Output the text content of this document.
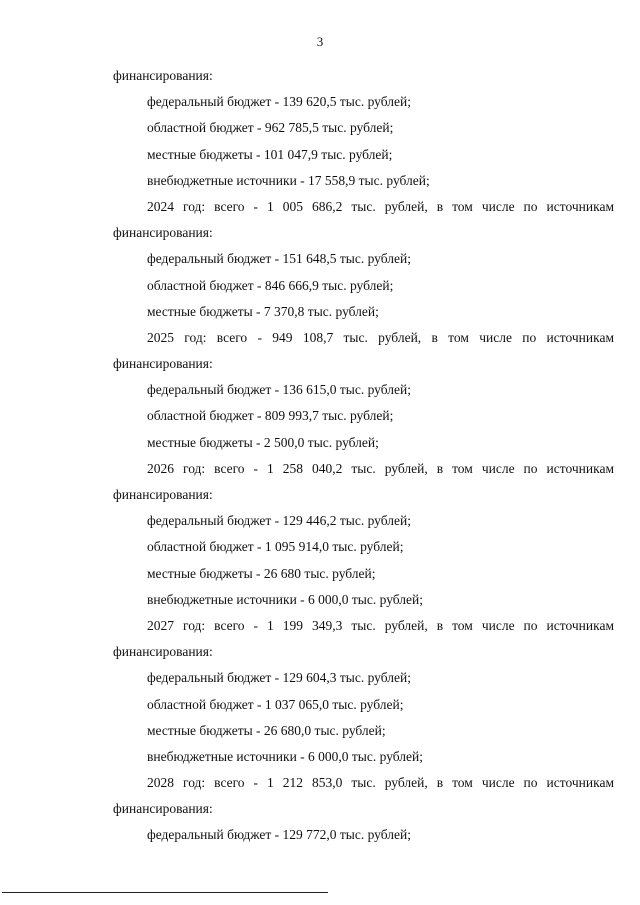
3
финансирования:
федеральный бюджет - 139 620,5 тыс. рублей;
областной бюджет - 962 785,5 тыс. рублей;
местные бюджеты - 101 047,9 тыс. рублей;
внебюджетные источники - 17 558,9 тыс. рублей;
2024 год: всего - 1 005 686,2 тыс. рублей, в том числе по источникам
финансирования:
федеральный бюджет - 151 648,5 тыс. рублей;
областной бюджет - 846 666,9 тыс. рублей;
местные бюджеты - 7 370,8 тыс. рублей;
2025 год: всего - 949 108,7 тыс. рублей, в том числе по источникам
финансирования:
федеральный бюджет - 136 615,0 тыс. рублей;
областной бюджет - 809 993,7 тыс. рублей;
местные бюджеты - 2 500,0 тыс. рублей;
2026 год: всего - 1 258 040,2 тыс. рублей, в том числе по источникам
финансирования:
федеральный бюджет - 129 446,2 тыс. рублей;
областной бюджет - 1 095 914,0 тыс. рублей;
местные бюджеты - 26 680 тыс. рублей;
внебюджетные источники - 6 000,0 тыс. рублей;
2027 год: всего - 1 199 349,3 тыс. рублей, в том числе по источникам
финансирования:
федеральный бюджет - 129 604,3 тыс. рублей;
областной бюджет - 1 037 065,0 тыс. рублей;
местные бюджеты - 26 680,0 тыс. рублей;
внебюджетные источники - 6 000,0 тыс. рублей;
2028 год: всего - 1 212 853,0 тыс. рублей, в том числе по источникам
финансирования:
федеральный бюджет - 129 772,0 тыс. рублей;
